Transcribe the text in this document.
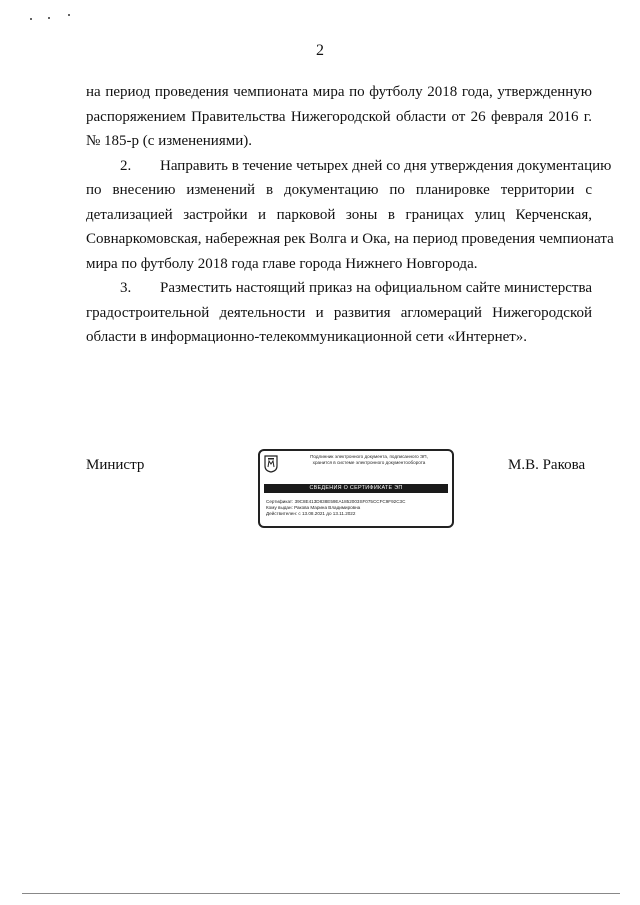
2
на период проведения чемпионата мира по футболу 2018 года, утвержденную
распоряжением Правительства Нижегородской области от 26 февраля 2016 г.
№ 185-р (с изменениями).
2. Направить в течение четырех дней со дня утверждения документацию
по внесению изменений в документацию по планировке территории с
детализацией застройки и парковой зоны в границах улиц Керченская,
Совнаркомовская, набережная рек Волга и Ока, на период проведения чемпионата
мира по футболу 2018 года главе города Нижнего Новгорода.
3. Разместить настоящий приказ на официальном сайте министерства
градостроительной деятельности и развития агломераций Нижегородской
области в информационно-телекоммуникационной сети «Интернет».
Министр	М.В. Ракова
Подлинник электронного документа, подписанного ЭП,
хранится в системе электронного документооборота
СВЕДЕНИЯ О СЕРТИФИКАТЕ ЭП
Сертификат: 39C8E413D838E59EA1852003SF075CCFC9F92C3C
Кому выдан: Ракова Марина Владимировна
Действителен: с 13.08.2021 до 13.11.2022
